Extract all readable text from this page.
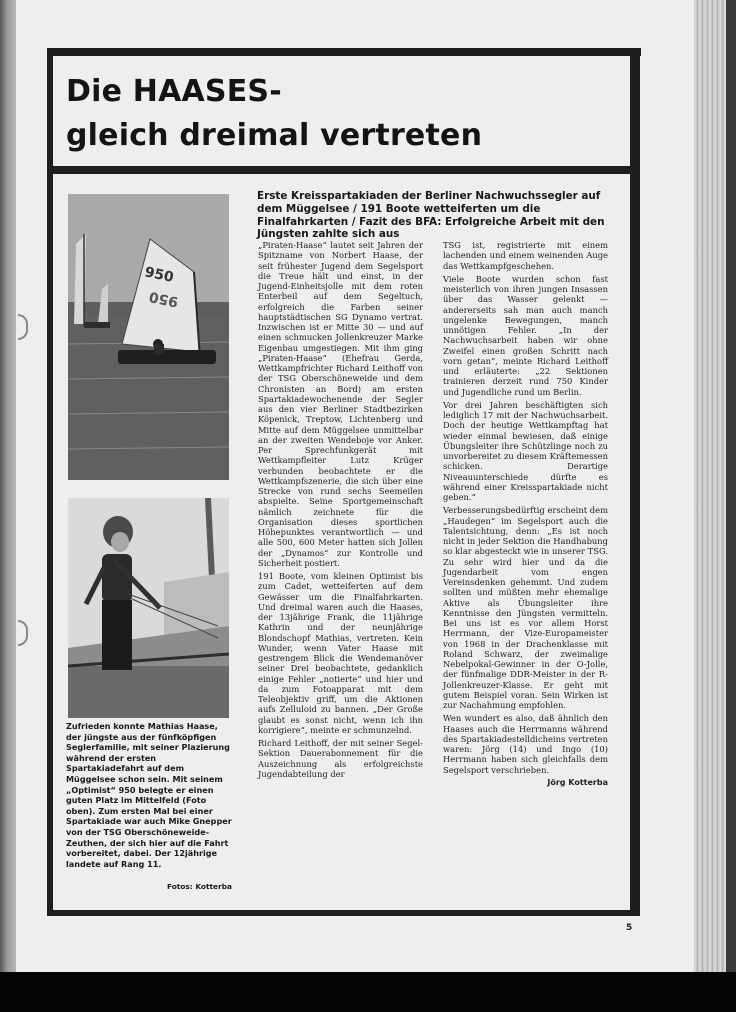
Die HAASES-
gleich dreimal vertreten
Erste Kreisspartakiaden der Berliner Nachwuchssegler auf dem Müggelsee / 191 Boote wetteiferten um die Finalfahrkarten / Fazit des BFA: Erfolgreiche Arbeit mit den Jüngsten zahlte sich aus
950
950
Zufrieden konnte Mathias Haase, der jüngste aus der fünfköpfigen Seglerfamilie, mit seiner Plazierung während der ersten Spartakiadefahrt auf dem Müggelsee schon sein. Mit seinem „Optimist“ 950 belegte er einen guten Platz im Mittelfeld (Foto oben). Zum ersten Mal bei einer Spartakiade war auch Mike Gnepper von der TSG Oberschöneweide-Zeuthen, der sich hier auf die Fahrt vorbereitet, dabei. Der 12jährige landete auf Rang 11.
Fotos: Kotterba

„Piraten-Haase“ lautet seit Jahren der Spitzname von Norbert Haase, der seit frühester Jugend dem Segelsport die Treue hält und einst, in der Jugend-Einheitsjolle mit dem roten Enterbeil auf dem Segeltuch, erfolgreich die Farben seiner hauptstädtischen SG Dynamo vertrat. Inzwischen ist er Mitte 30 — und auf einen schmucken Jollenkreuzer Marke Eigenbau umgestiegen. Mit ihm ging „Piraten-Haase“ (Ehefrau Gerda, Wettkampfrichter Richard Leithoff von der TSG Oberschöneweide und dem Chronisten an Bord) am ersten Spartakiadewochenende der Segler aus den vier Berliner Stadtbezirken Köpenick, Treptow, Lichtenberg und Mitte auf dem Müggelsee unmittelbar an der zweiten Wendeboje vor Anker. Per Sprechfunkgerät mit Wettkampfleiter Lutz Krüger verbunden beobachtete er die Wettkampfszenerie, die sich über eine Strecke von rund sechs Seemeilen abspielte. Seine Sportgemeinschaft nämlich zeichnete für die Organisation dieses sportlichen Höhepunktes verantwortlich — und alle 500, 600 Meter hatten sich Jollen der „Dynamos“ zur Kontrolle und Sicherheit postiert.

191 Boote, vom kleinen Optimist bis zum Cadet, wetteiferten auf dem Gewässer um die Finalfahrkarten. Und dreimal waren auch die Haases, der 13jährige Frank, die 11jährige Kathrin und der neunjährige Blondschopf Mathias, vertreten. Kein Wunder, wenn Vater Haase mit gestrengem Blick die Wendemanöver seiner Drei beobachtete, gedanklich einige Fehler „notierte“ und hier und da zum Fotoapparat mit dem Teleobjektiv griff, um die Aktionen aufs Zelluloid zu bannen. „Der Große glaubt es sonst nicht, wenn ich ihn korrigiere“, meinte er schmunzelnd.

Richard Leithoff, der mit seiner Segel-Sektion Dauerabonnement für die Auszeichnung als erfolgreichste Jugendabteilung der

TSG ist, registrierte mit einem lachenden und einem weinenden Auge das Wettkampfgeschehen.

Viele Boote wurden schon fast meisterlich von ihren jungen Insassen über das Wasser gelenkt — andererseits sah man auch manch ungelenke Bewegungen, manch unnötigen Fehler. „In der Nachwuchsarbeit haben wir ohne Zweifel einen großen Schritt nach vorn getan“, meinte Richard Leithoff und erläuterte: „22 Sektionen trainieren derzeit rund 750 Kinder und Jugendliche rund um Berlin.

Vor drei Jahren beschäftigten sich lediglich 17 mit der Nachwuchsarbeit. Doch der heutige Wettkampftag hat wieder einmal bewiesen, daß einige Übungsleiter ihre Schützlinge noch zu unvorbereitet zu diesem Kräftemessen schicken. Derartige Niveauunterschiede dürfte es während einer Kreisspartakiade nicht geben.“

Verbesserungsbedürftig erscheint dem „Haudegen“ im Segelsport auch die Talentsichtung, denn: „Es ist noch nicht in jeder Sektion die Handhabung so klar abgesteckt wie in unserer TSG. Zu sehr wird hier und da die Jugendarbeit vom engen Vereinsdenken gehemmt. Und zudem sollten und müßten mehr ehemalige Aktive als Übungsleiter ihre Kenntnisse den Jüngsten vermitteln. Bei uns ist es vor allem Horst Herrmann, der Vize-Europameister von 1968 in der Drachenklasse mit Roland Schwarz, der zweimalige Nebelpokal-Gewinner in der O-Jolle, der fünfmalige DDR-Meister in der R-Jollenkreuzer-Klasse. Er geht mit gutem Beispiel voran. Sein Wirken ist zur Nachahmung empfohlen.

Wen wundert es also, daß ähnlich den Haases auch die Herrmanns während des Spartakiadestelldicheins vertreten waren: Jörg (14) und Ingo (10) Herrmann haben sich gleichfalls dem Segelsport verschrieben.

Jörg Kotterba

5
